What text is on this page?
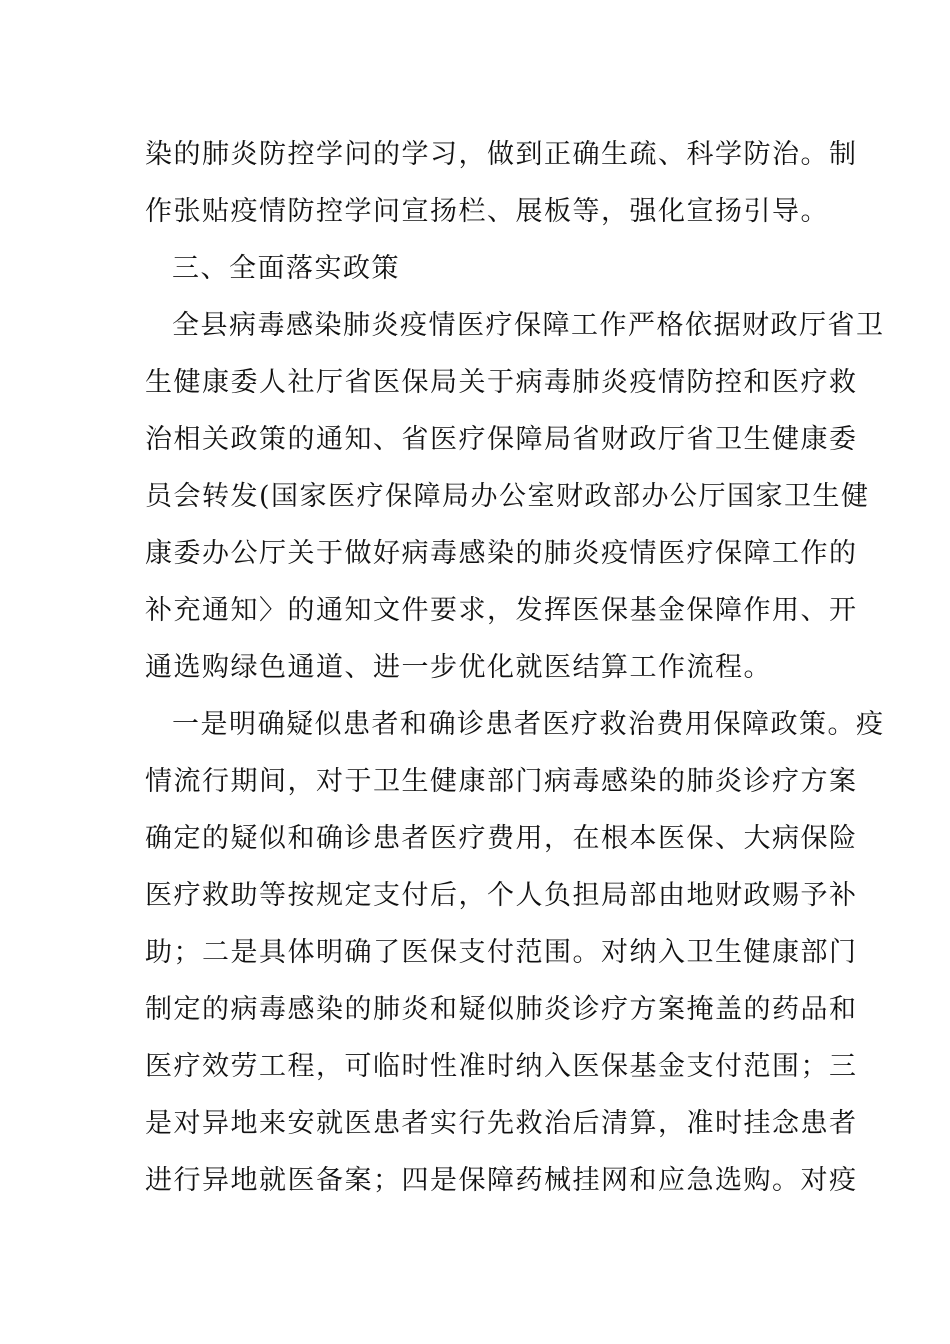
染的肺炎防控学问的学习，做到正确生疏、科学防治。制
作张贴疫情防控学问宣扬栏、展板等，强化宣扬引导。
三、全面落实政策
全县病毒感染肺炎疫情医疗保障工作严格依据财政厅省卫
生健康委人社厅省医保局关于病毒肺炎疫情防控和医疗救
治相关政策的通知、省医疗保障局省财政厅省卫生健康委
员会转发(国家医疗保障局办公室财政部办公厅国家卫生健
康委办公厅关于做好病毒感染的肺炎疫情医疗保障工作的
补充通知〉的通知文件要求，发挥医保基金保障作用、开
通选购绿色通道、进一步优化就医结算工作流程。
一是明确疑似患者和确诊患者医疗救治费用保障政策。疫
情流行期间，对于卫生健康部门病毒感染的肺炎诊疗方案
确定的疑似和确诊患者医疗费用，在根本医保、大病保险
医疗救助等按规定支付后，个人负担局部由地财政赐予补
助；二是具体明确了医保支付范围。对纳入卫生健康部门
制定的病毒感染的肺炎和疑似肺炎诊疗方案掩盖的药品和
医疗效劳工程，可临时性准时纳入医保基金支付范围；三
是对异地来安就医患者实行先救治后清算，准时挂念患者
进行异地就医备案；四是保障药械挂网和应急选购。对疫
